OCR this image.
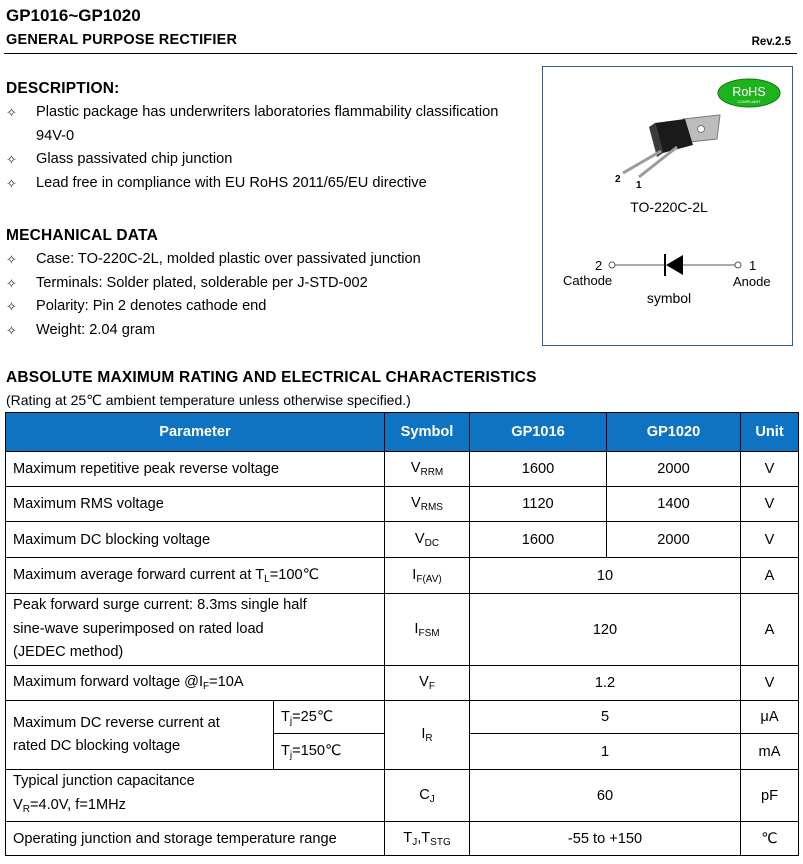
GP1016~GP1020
GENERAL PURPOSE RECTIFIER	Rev.2.5
DESCRIPTION:
✧ Plastic package has underwriters laboratories flammability classification 94V-0
✧ Glass passivated chip junction
✧ Lead free in compliance with EU RoHS 2011/65/EU directive
MECHANICAL DATA
✧ Case: TO-220C-2L, molded plastic over passivated junction
✧ Terminals: Solder plated, solderable per J-STD-002
✧ Polarity: Pin 2 denotes cathode end
✧ Weight: 2.04 gram
RoHS
COMPLIANT
2
1
TO-220C-2L
2	1
Cathode	Anode
symbol
ABSOLUTE MAXIMUM RATING AND ELECTRICAL CHARACTERISTICS
(Rating at 25℃ ambient temperature unless otherwise specified.)
Parameter		Symbol	GP1016	GP1020	Unit
Maximum repetitive peak reverse voltage		$V_{RRM}$	1600	2000	V
Maximum RMS voltage		$V_{RMS}$	1120	1400	V
Maximum DC blocking voltage		$V_{DC}$	1600	2000	V
Maximum average forward current at $T_L=100℃$		$I_{F(AV)}$	10		A
Peak forward surge current: 8.3ms single half
sine-wave superimposed on rated load
(JEDEC method)		$I_{FSM}$	120		A
Maximum forward voltage $@I_F=10A$		$V_F$	1.2		V
Maximum DC reverse current at
rated DC blocking voltage	$T_j=25℃$	$I_R$	5		μA
	$T_j=150℃$		1		mA
Typical junction capacitance
$V_R=4.0V$, f=1MHz		$C_J$	60		pF
Operating junction and storage temperature range		$T_J,T_{STG}$	-55 to +150		℃
